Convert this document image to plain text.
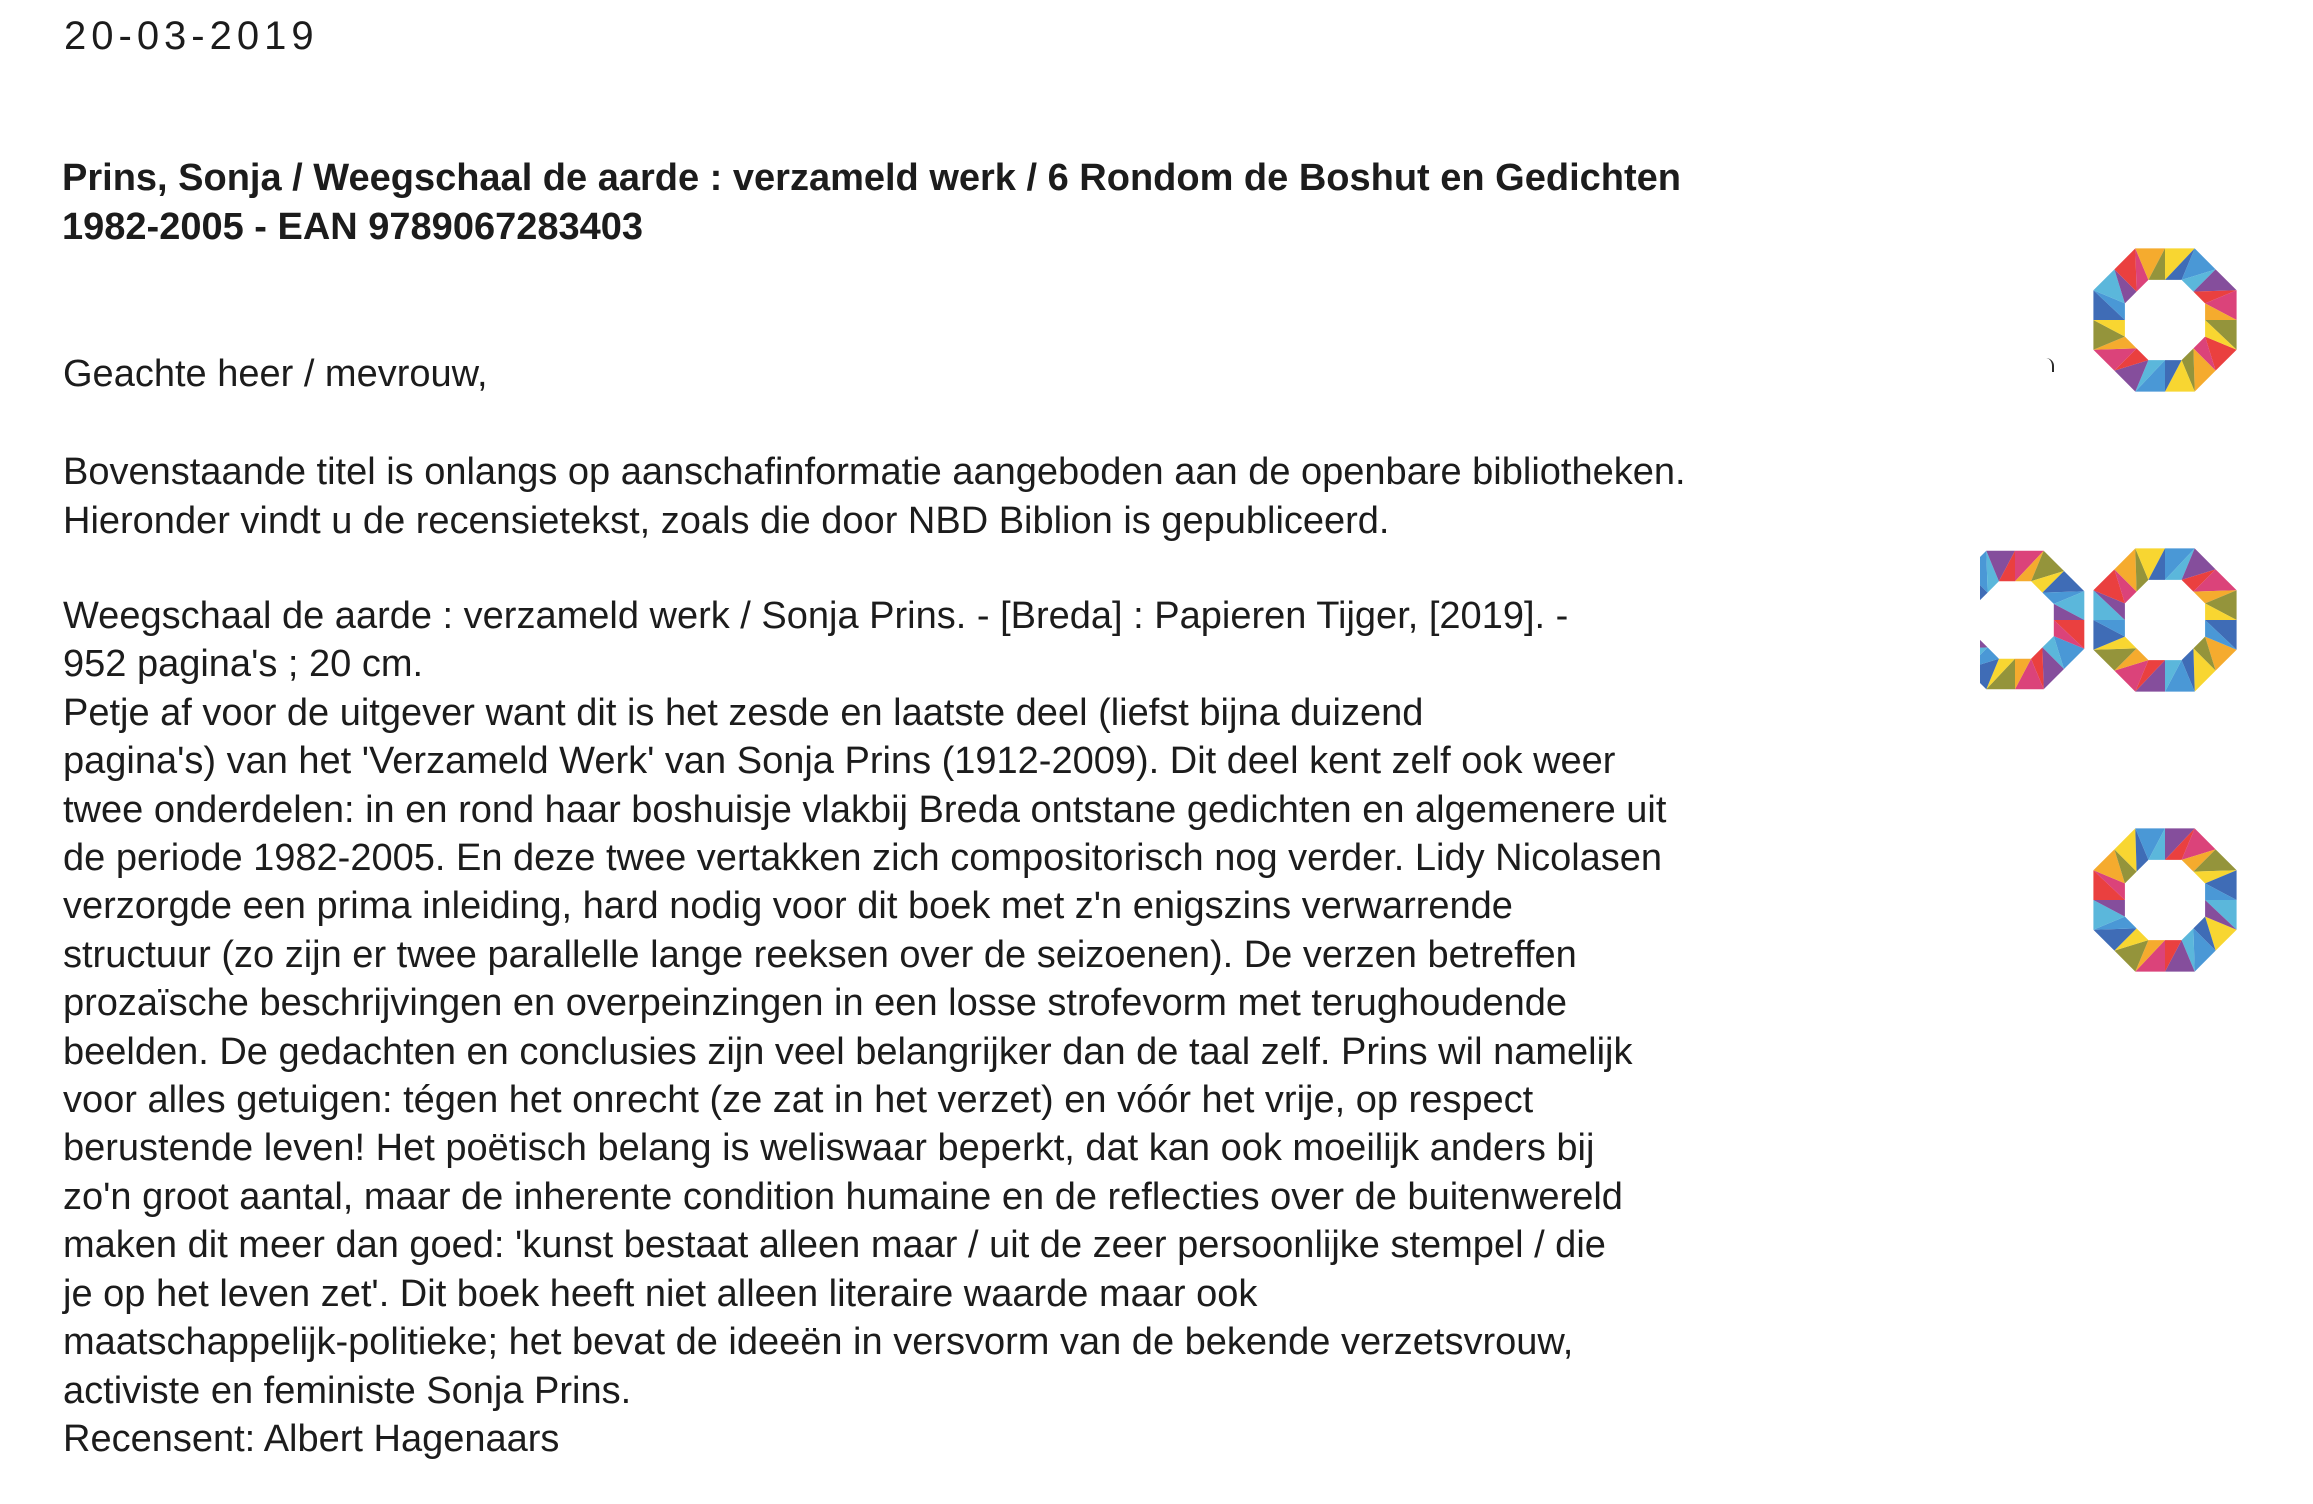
20-03-2019
Prins, Sonja / Weegschaal de aarde : verzameld werk / 6 Rondom de Boshut en Gedichten
1982-2005 - EAN 9789067283403
Geachte heer / mevrouw,
Bovenstaande titel is onlangs op aanschafinformatie aangeboden aan de openbare bibliotheken.
Hieronder vindt u de recensietekst, zoals die door NBD Biblion is gepubliceerd.
Weegschaal de aarde : verzameld werk / Sonja Prins. - [Breda] : Papieren Tijger, [2019]. -
952 pagina's ; 20 cm.
Petje af voor de uitgever want dit is het zesde en laatste deel (liefst bijna duizend
pagina's) van het 'Verzameld Werk' van Sonja Prins (1912-2009). Dit deel kent zelf ook weer
twee onderdelen: in en rond haar boshuisje vlakbij Breda ontstane gedichten en algemenere uit
de periode 1982-2005. En deze twee vertakken zich compositorisch nog verder. Lidy Nicolasen
verzorgde een prima inleiding, hard nodig voor dit boek met z'n enigszins verwarrende
structuur (zo zijn er twee parallelle lange reeksen over de seizoenen). De verzen betreffen
prozaïsche beschrijvingen en overpeinzingen in een losse strofevorm met terughoudende
beelden. De gedachten en conclusies zijn veel belangrijker dan de taal zelf. Prins wil namelijk
voor alles getuigen: tégen het onrecht (ze zat in het verzet) en vóór het vrije, op respect
berustende leven! Het poëtisch belang is weliswaar beperkt, dat kan ook moeilijk anders bij
zo'n groot aantal, maar de inherente condition humaine en de reflecties over de buitenwereld
maken dit meer dan goed: 'kunst bestaat alleen maar / uit de zeer persoonlijke stempel / die
je op het leven zet'. Dit boek heeft niet alleen literaire waarde maar ook
maatschappelijk-politieke; het bevat de ideeën in versvorm van de bekende verzetsvrouw,
activiste en feministe Sonja Prins.
Recensent: Albert Hagenaars
